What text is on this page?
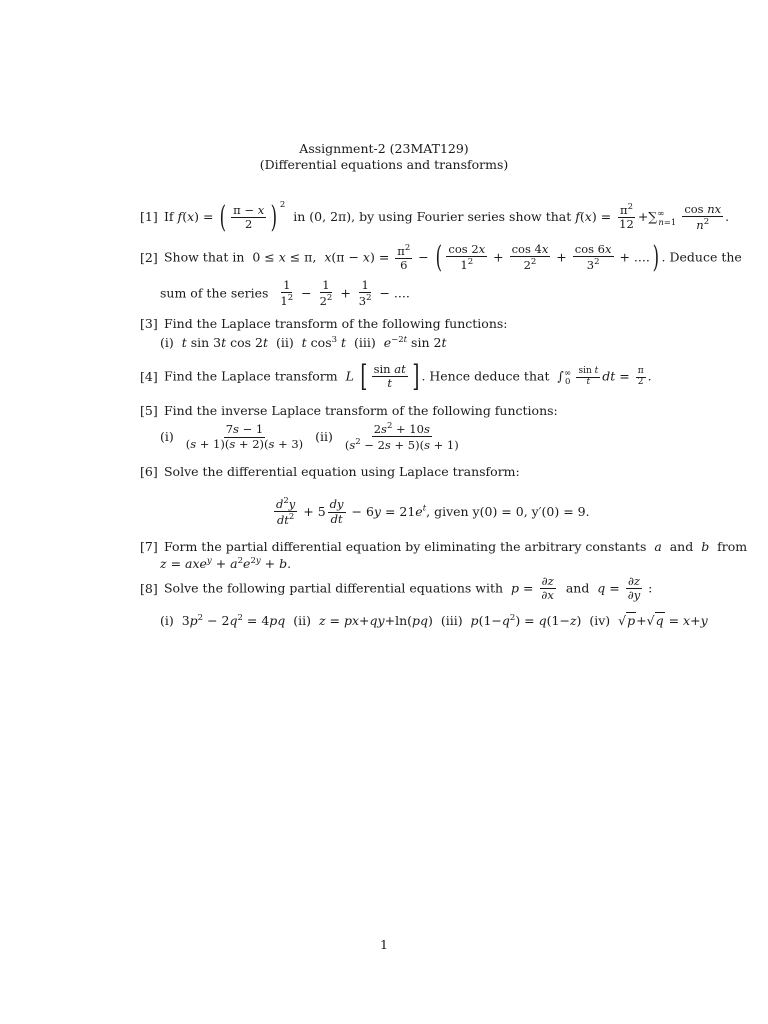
Assignment-2 (23MAT129)
(Differential equations and transforms)
[1] If f(x) = ( $\frac{\pi - x}{2}$ ) $^2$  in (0, 2π), by using Fourier series show that $f(x) = \frac{\pi^2}{12} +\sum^\infty_{n=1} \frac{\text{cos nx}}{n^2}$ .
[2] Show that in  0 ≤ x ≤ π,  $x(\pi - x) = \frac{\pi^2}{6}$ − ( $\frac{\cos 2x}{1^2} + \frac{\cos 4x}{2^2} + \frac{\cos 6x}{3^2}$ + ....) . Deduce the
sum of the series $\frac{1}{1^2} - \frac{1}{2^2} + \frac{1}{3^2}$ − ....
[3] Find the Laplace transform of the following functions:
(i)  t sin 3t cos 2t  (ii)  t $\cos^3 t$  (iii)  $e^{-2t}$ sin 2t
[4] Find the Laplace transform L [ $\frac{\text{sin at}}{t}$ ] . Hence deduce that  $\int^\infty_0 \frac{\text{sin t}}{t}$ dt = $\frac{\pi}{2}$ .
[5] Find the inverse Laplace transform of the following functions:
$(i) \frac{7s - 1}{(s + 1)(s + 2)(s + 3)} (ii) \frac{2s^2 + 10s}{(s^2 - 2s + 5)(s + 1)}$
[6] Solve the differential equation using Laplace transform:
$\frac{d^2y}{dt^2} + 5 \frac{dy}{dt} - 6y = 21e^t$, given y(0) = 0, y′(0) = 9.
[7] Form the partial differential equation by eliminating the arbitrary constants a and b from
$z = axe^y + a^2e^{2y} + b$.
[8] Solve the following partial differential equations with $p = \frac{\partial z}{\partial x}$ and $q = \frac{\partial z}{\partial y}$ :
(i)  $3p^2 - 2q^2 = 4pq$  (ii)  z = px+qy+ln(pq)  (iii)  $p(1-q^2) = q(1-z)$  (iv)  √p+√q = x+y
1
